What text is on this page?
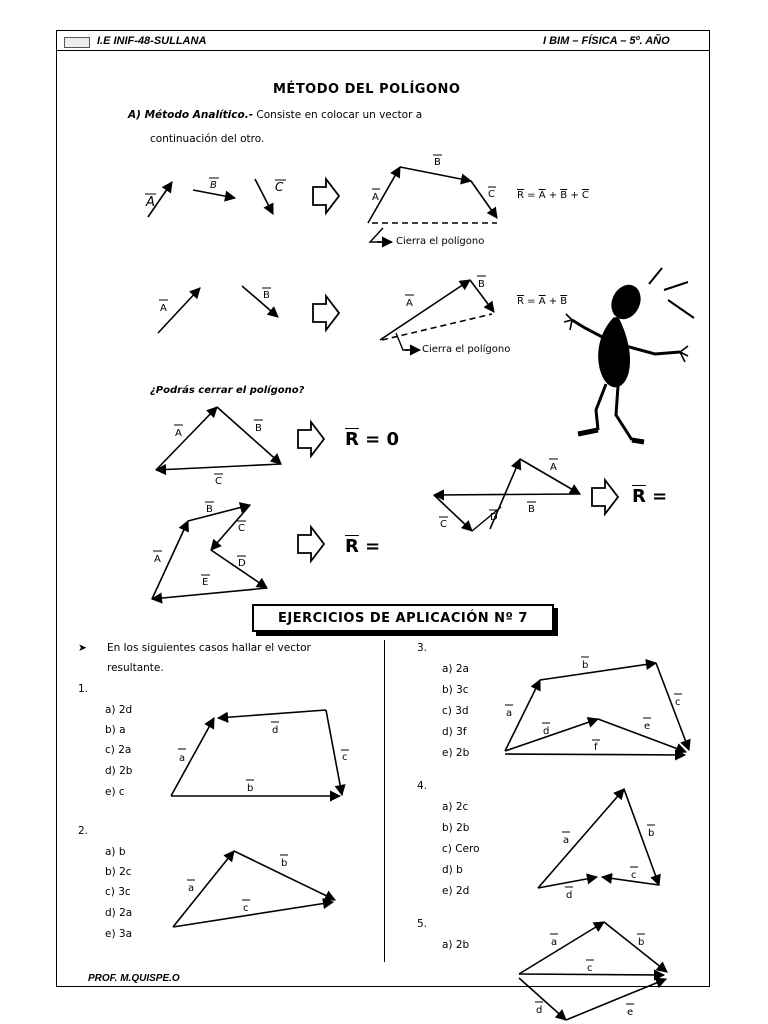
I.E INIF-48-SULLANA	I BIM – FÍSICA – 5º. AÑO
MÉTODO DEL POLÍGONO
A) Método Analítico.- Consiste en colocar un vector a
continuación del otro.
$\overline{R} = \overline{A} + \overline{B} + \overline{C}$
$\overline{R} = \overline{A} + \overline{B}$
Cierra el polígono
Cierra el polígono
¿Podrás cerrar el polígono?
$\overline{R} = 0$
$\overline{R}$ =
$\overline{R}$ =
EJERCICIOS DE APLICACIÓN Nº 7
➤ En los siguientes casos hallar el vector
resultante.
1.
a) 2d
b) a
c) 2a
d) 2b
e) c
2.
a) b
b) 2c
c) 3c
d) 2a
e) 3a
3.
a) 2a
b) 3c
c) 3d
d) 3f
e) 2b
4.
a) 2c
b) 2b
c) Cero
d) b
e) 2d
5.
a) 2b
PROF. M.QUISPE.O
A
B	C
A
B
C
A
B
A
B
A	B
C
A
B
C
D
E
A
B
C
D
a
d
c
b
a
b
c
a
b
c
d	e
f
a
b
c
d
a	b
c
d	e
